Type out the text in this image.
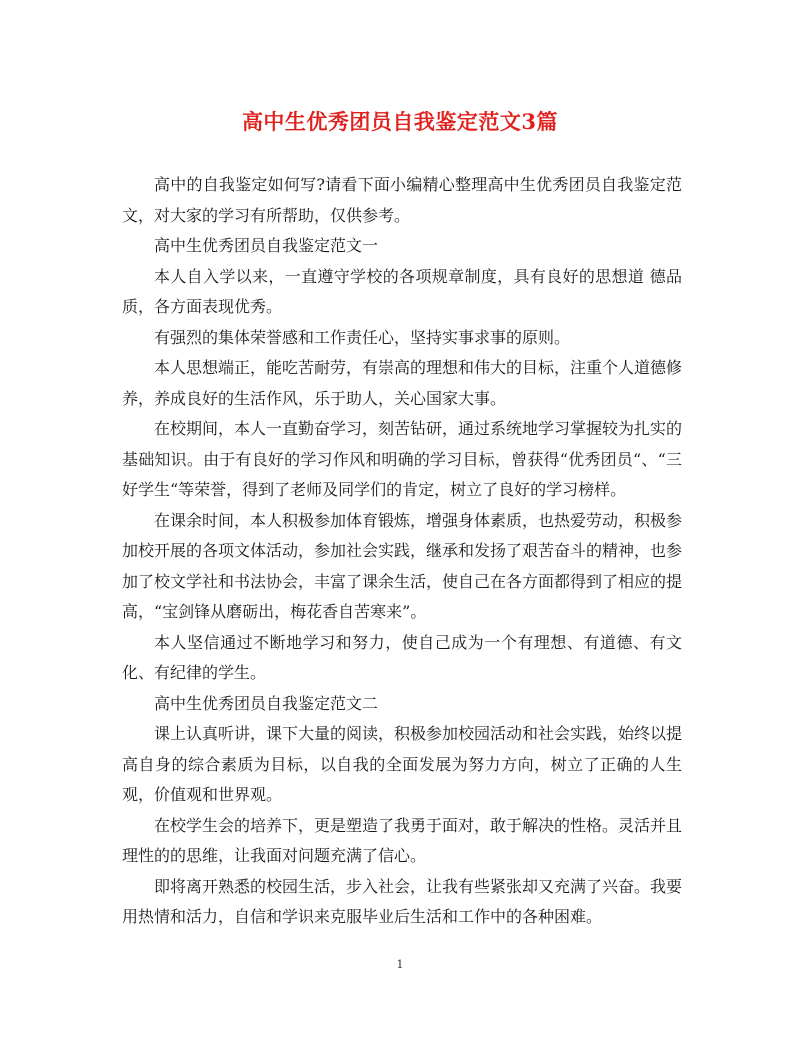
高中生优秀团员自我鉴定范文3篇

高中的自我鉴定如何写?请看下面小编精心整理高中生优秀团员自我鉴定范文，对大家的学习有所帮助，仅供参考。

高中生优秀团员自我鉴定范文一

本人自入学以来，一直遵守学校的各项规章制度，具有良好的思想道 德品质，各方面表现优秀。

有强烈的集体荣誉感和工作责任心，坚持实事求事的原则。

本人思想端正，能吃苦耐劳，有崇高的理想和伟大的目标，注重个人道德修养，养成良好的生活作风，乐于助人，关心国家大事。

在校期间，本人一直勤奋学习，刻苦钻研，通过系统地学习掌握较为扎实的基础知识。由于有良好的学习作风和明确的学习目标，曾获得“优秀团员“、“三好学生“等荣誉，得到了老师及同学们的肯定，树立了良好的学习榜样。

在课余时间，本人积极参加体育锻炼，增强身体素质，也热爱劳动，积极参加校开展的各项文体活动，参加社会实践，继承和发扬了艰苦奋斗的精神，也参加了校文学社和书法协会，丰富了课余生活，使自己在各方面都得到了相应的提高，“宝剑锋从磨砺出，梅花香自苦寒来”。

本人坚信通过不断地学习和努力，使自己成为一个有理想、有道德、有文化、有纪律的学生。

高中生优秀团员自我鉴定范文二

课上认真听讲，课下大量的阅读，积极参加校园活动和社会实践，始终以提高自身的综合素质为目标，以自我的全面发展为努力方向，树立了正确的人生观，价值观和世界观。

在校学生会的培养下，更是塑造了我勇于面对，敢于解决的性格。灵活并且理性的的思维，让我面对问题充满了信心。

即将离开熟悉的校园生活，步入社会，让我有些紧张却又充满了兴奋。我要用热情和活力，自信和学识来克服毕业后生活和工作中的各种困难。

1
